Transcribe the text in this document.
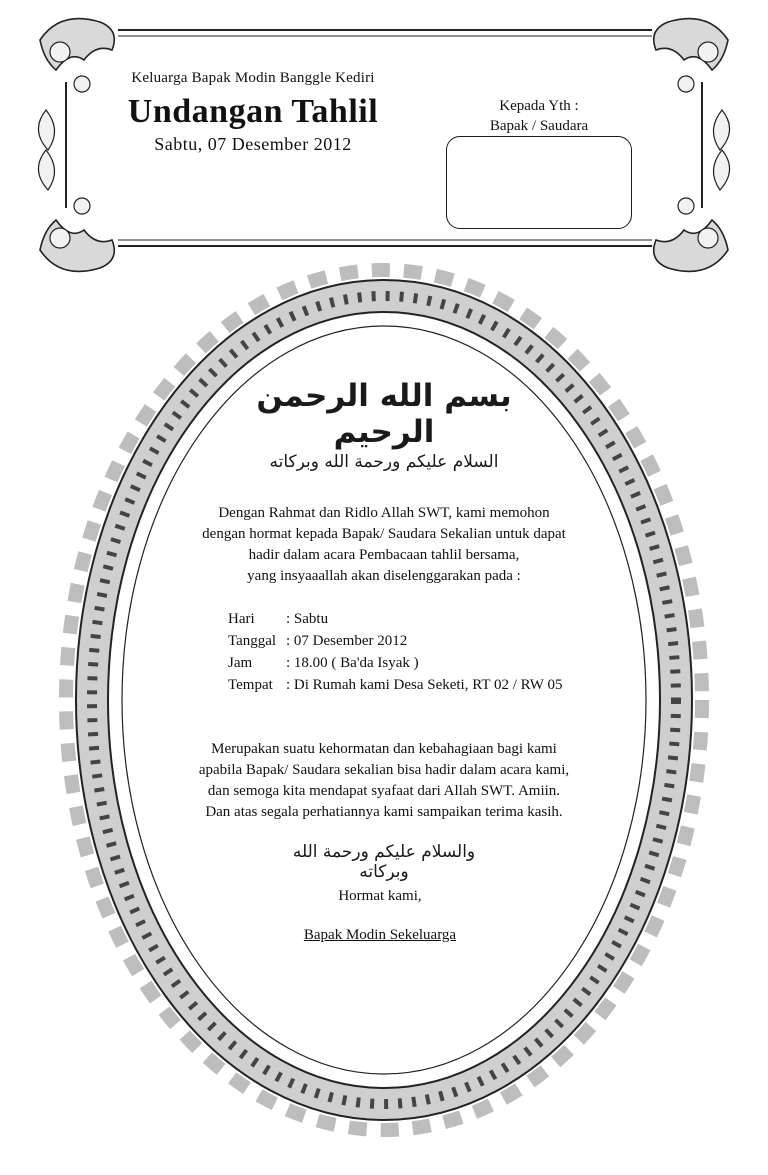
Keluarga Bapak Modin Banggle Kediri
Undangan Tahlil
Sabtu, 07 Desember 2012
Kepada Yth :
Bapak / Saudara
بسم الله الرحمن الرحيم
السلام عليكم ورحمة الله وبركاته
Dengan Rahmat dan Ridlo Allah SWT, kami memohon
dengan hormat kepada Bapak/ Saudara Sekalian untuk dapat
hadir dalam acara Pembacaan tahlil bersama,
yang insyaaallah akan diselenggarakan pada :
Hari	: Sabtu
Tanggal : 07 Desember 2012
Jam	: 18.00 ( Ba'da Isyak )
Tempat : Di Rumah kami Desa Seketi, RT 02 / RW 05
Merupakan suatu kehormatan dan kebahagiaan bagi kami
apabila Bapak/ Saudara sekalian bisa hadir dalam acara kami,
dan semoga kita mendapat syafaat dari Allah SWT. Amiin.
Dan atas segala perhatiannya kami sampaikan terima kasih.
والسلام عليكم ورحمة الله وبركاته
Hormat kami,
Bapak Modin Sekeluarga
